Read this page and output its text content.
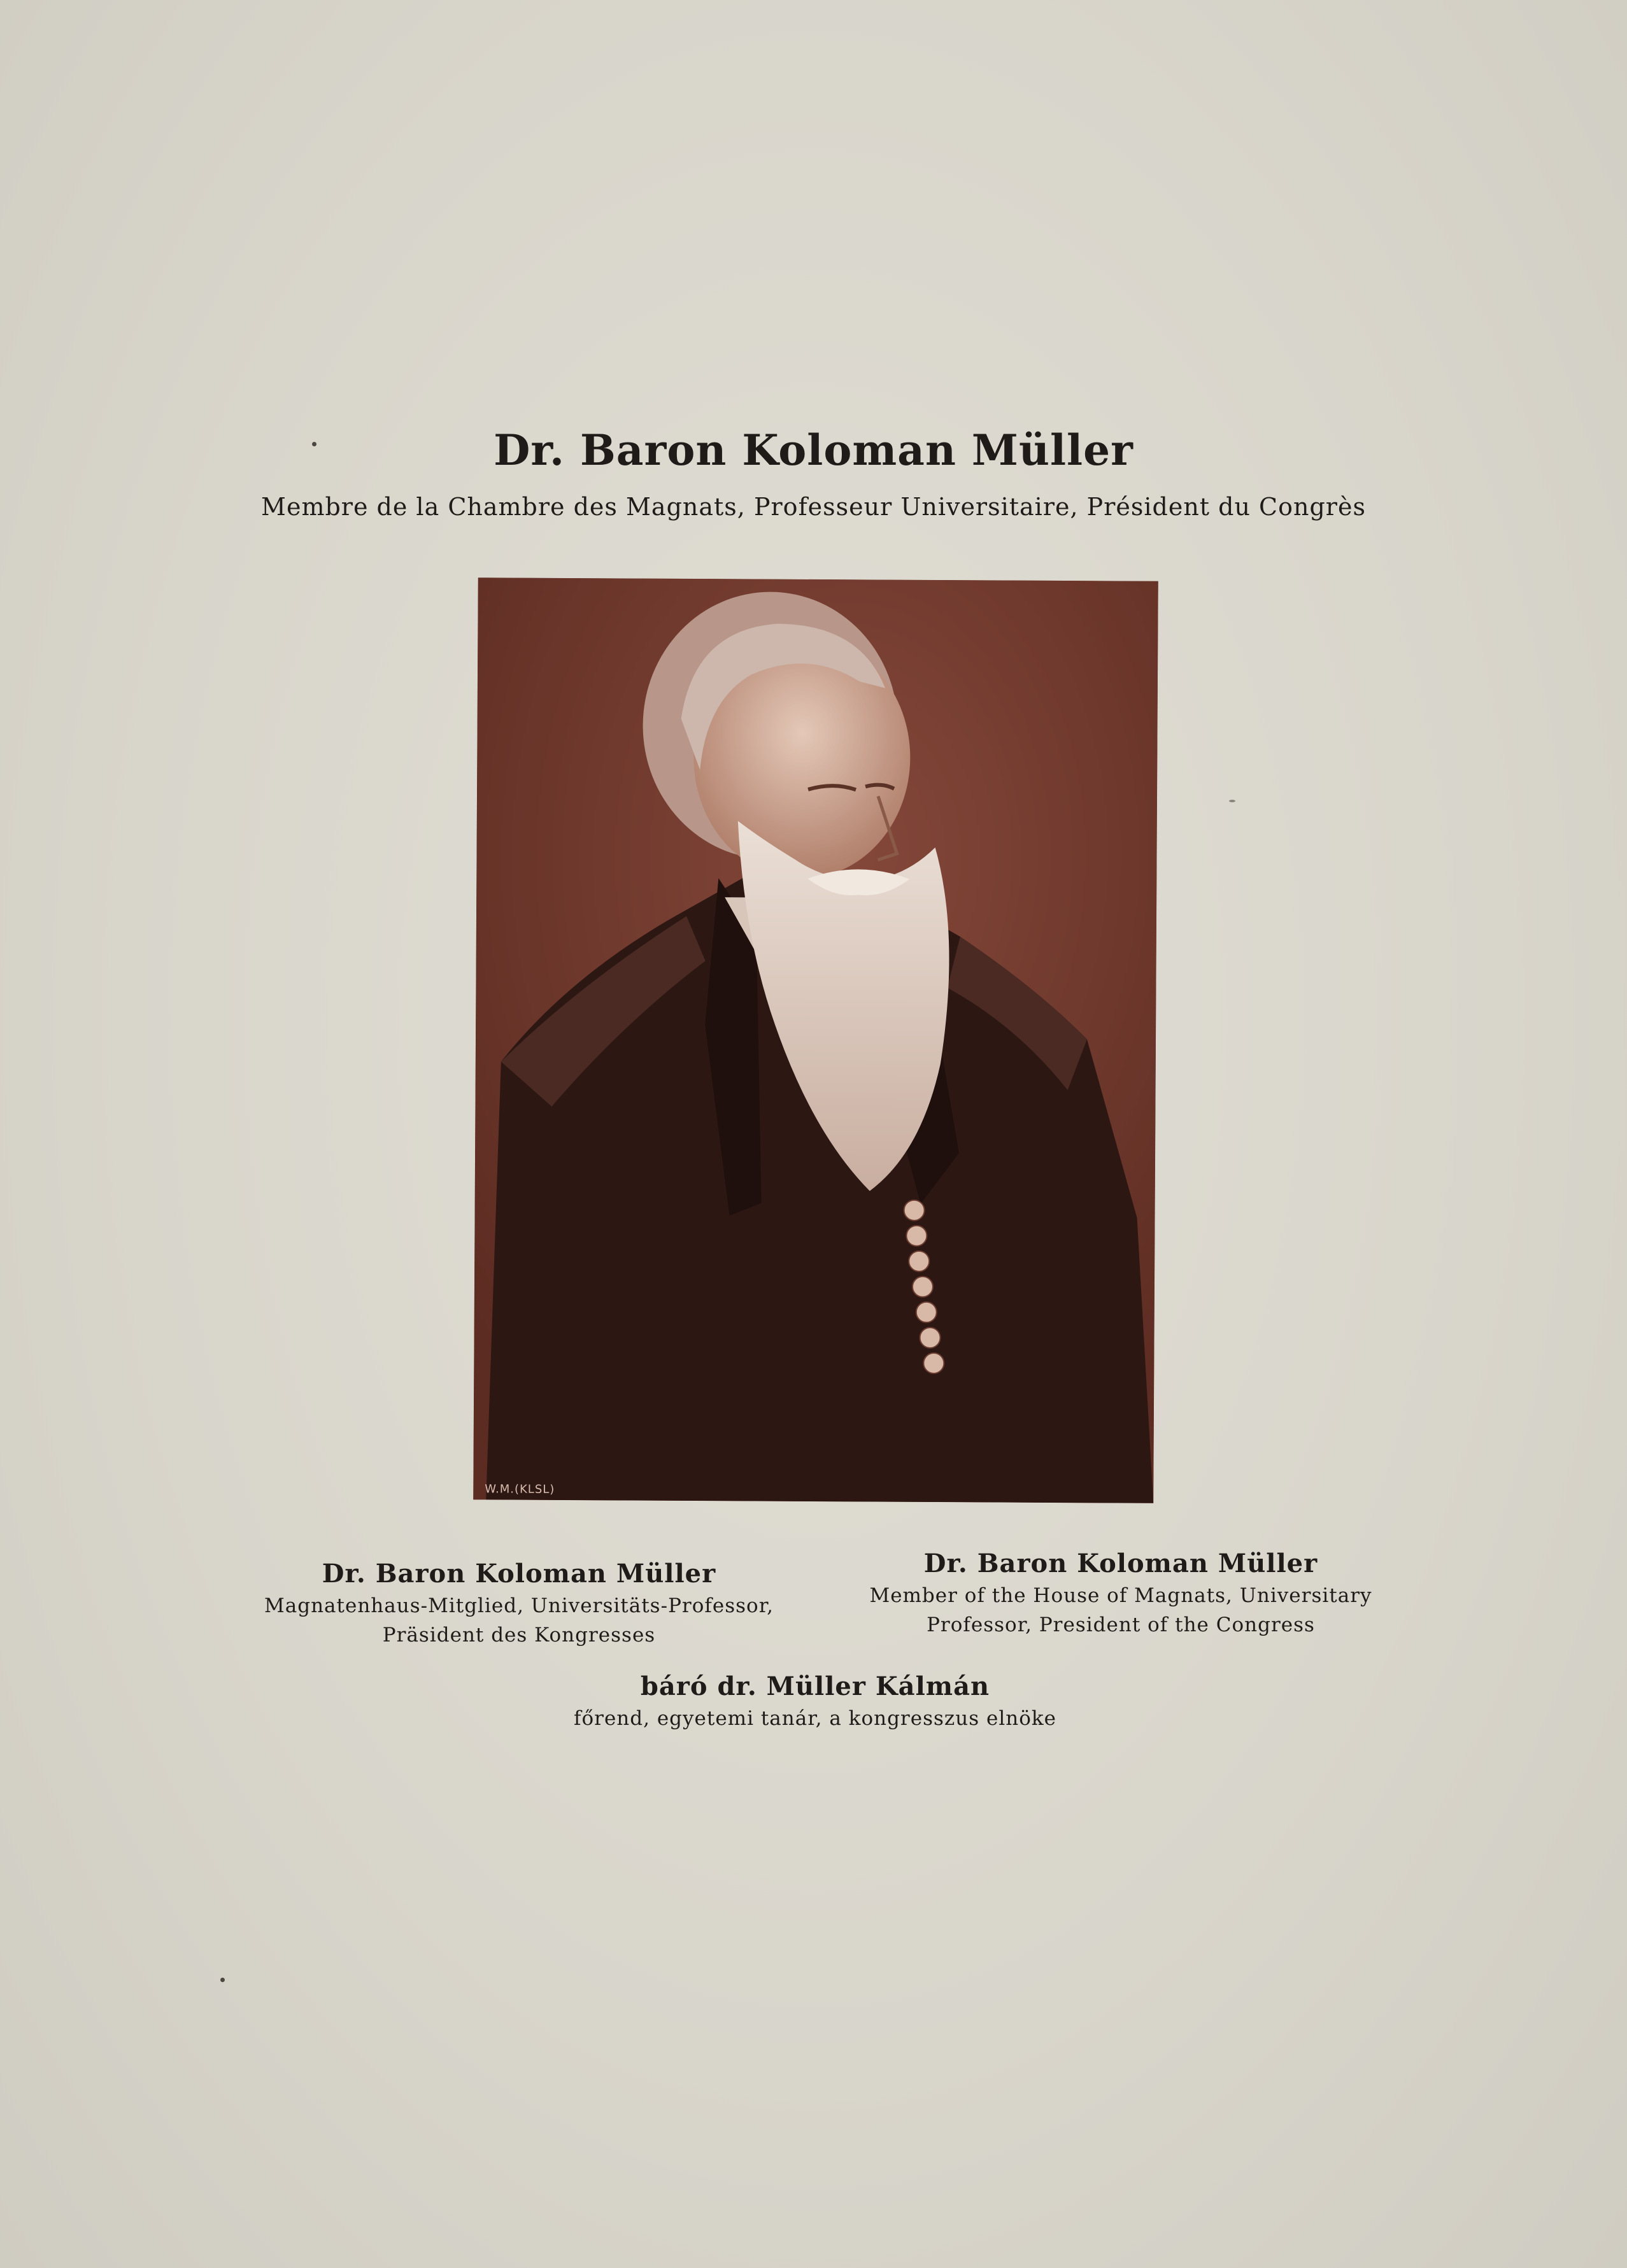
Dr. Baron Koloman Müller
Membre de la Chambre des Magnats, Professeur Universitaire, Président du Congrès
W.M.(KLSL)
Dr. Baron Koloman Müller
Magnatenhaus-Mitglied, Universitäts-Professor,
Präsident des Kongresses
Dr. Baron Koloman Müller
Member of the House of Magnats, Universitary
Professor, President of the Congress
báró dr. Müller Kálmán
főrend, egyetemi tanár, a kongresszus elnöke
